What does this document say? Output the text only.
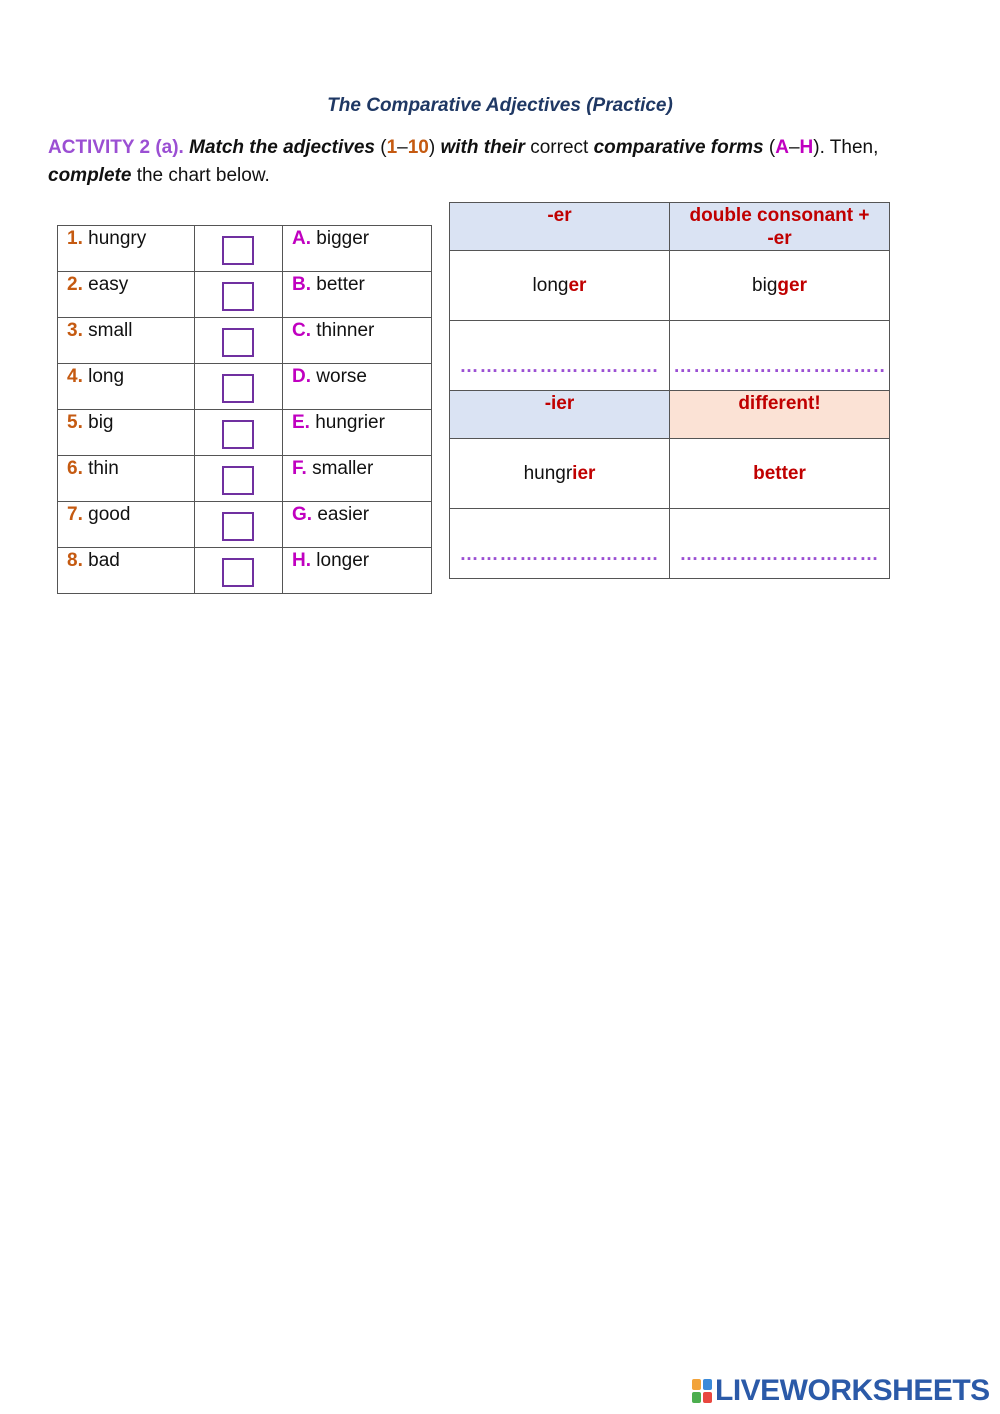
The Comparative Adjectives (Practice)
ACTIVITY 2 (a). Match the adjectives (1–10) with their correct comparative forms (A–H). Then,
complete the chart below.
1. hungry		A. bigger

2. easy		B. better

3. small		C. thinner

4. long		D. worse

5. big		E. hungrier

6. thin		F. smaller

7. good		G. easier

8. bad		H. longer
-er	double consonant +
-er

longer	bigger

…………………………	…………………………..

-ier	different!

hungrier	better

…………………………	…………………………
LIVEWORKSHEETS
